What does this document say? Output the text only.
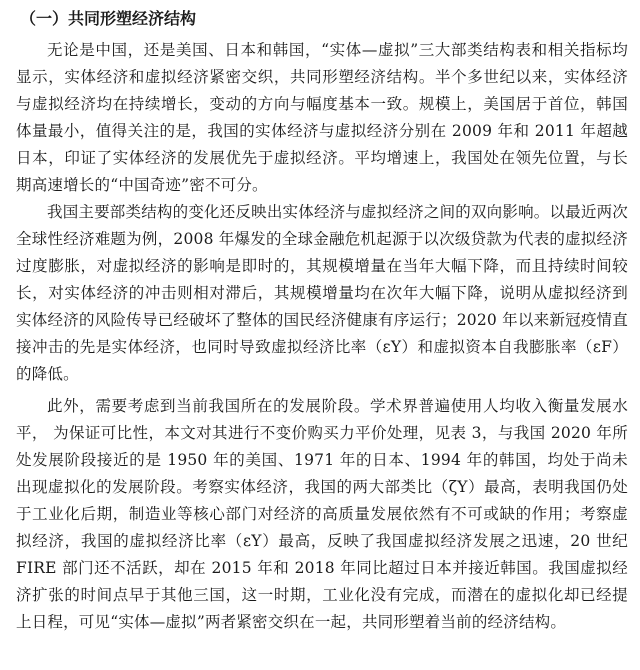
（一）共同形塑经济结构

无论是中国，还是美国、日本和韩国，“实体—虚拟”三大部类结构表和相关指标均显示，实体经济和虚拟经济紧密交织，共同形塑经济结构。半个多世纪以来，实体经济与虚拟经济均在持续增长，变动的方向与幅度基本一致。规模上，美国居于首位，韩国体量最小，值得关注的是，我国的实体经济与虚拟经济分别在 2009 年和 2011 年超越日本，印证了实体经济的发展优先于虚拟经济。平均增速上，我国处在领先位置，与长期高速增长的“中国奇迹”密不可分。

我国主要部类结构的变化还反映出实体经济与虚拟经济之间的双向影响。以最近两次全球性经济难题为例，2008 年爆发的全球金融危机起源于以次级贷款为代表的虚拟经济过度膨胀，对虚拟经济的影响是即时的，其规模增量在当年大幅下降，而且持续时间较长，对实体经济的冲击则相对滞后，其规模增量均在次年大幅下降，说明从虚拟经济到实体经济的风险传导已经破坏了整体的国民经济健康有序运行；2020 年以来新冠疫情直接冲击的先是实体经济，也同时导致虚拟经济比率（εY）和虚拟资本自我膨胀率（εF）的降低。

此外，需要考虑到当前我国所在的发展阶段。学术界普遍使用人均收入衡量发展水平， 为保证可比性，本文对其进行不变价购买力平价处理，见表 3，与我国 2020 年所处发展阶段接近的是 1950 年的美国、1971 年的日本、1994 年的韩国，均处于尚未出现虚拟化的发展阶段。考察实体经济，我国的两大部类比（ζY）最高，表明我国仍处于工业化后期，制造业等核心部门对经济的高质量发展依然有不可或缺的作用；考察虚拟经济，我国的虚拟经济比率（εY）最高，反映了我国虚拟经济发展之迅速，20 世纪 FIRE 部门还不活跃，却在 2015 年和 2018 年同比超过日本并接近韩国。我国虚拟经济扩张的时间点早于其他三国，这一时期，工业化没有完成，而潜在的虚拟化却已经提上日程，可见“实体—虚拟”两者紧密交织在一起，共同形塑着当前的经济结构。
